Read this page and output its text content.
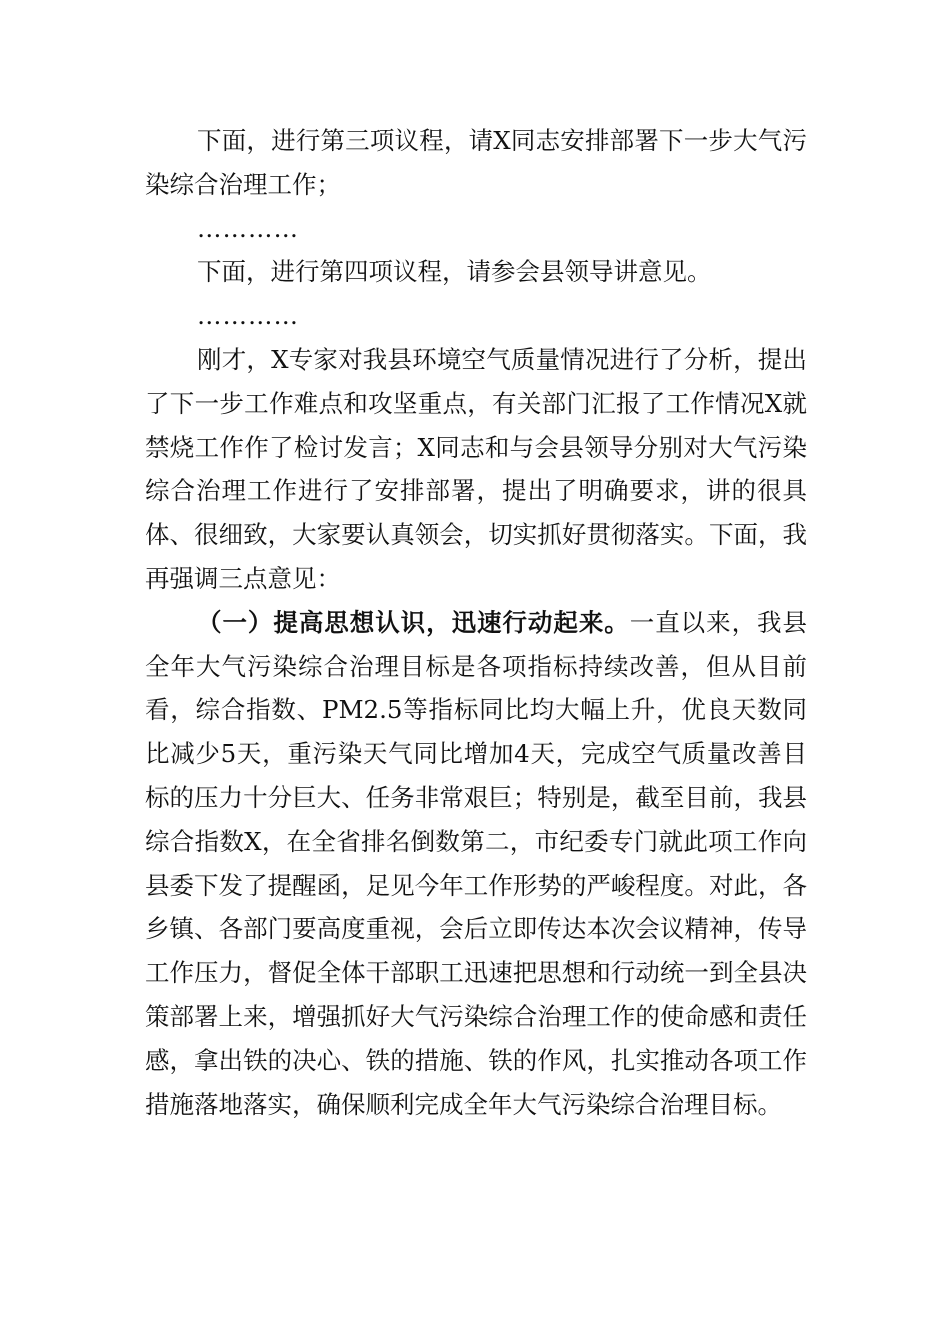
下面，进行第三项议程，请X同志安排部署下一步大气污染综合治理工作；

…………

下面，进行第四项议程，请参会县领导讲意见。

…………

刚才，X专家对我县环境空气质量情况进行了分析，提出了下一步工作难点和攻坚重点，有关部门汇报了工作情况X就禁烧工作作了检讨发言；X同志和与会县领导分别对大气污染综合治理工作进行了安排部署，提出了明确要求，讲的很具体、很细致，大家要认真领会，切实抓好贯彻落实。下面，我再强调三点意见：

（一）提高思想认识，迅速行动起来。一直以来，我县全年大气污染综合治理目标是各项指标持续改善，但从目前看，综合指数、PM2.5等指标同比均大幅上升，优良天数同比减少5天，重污染天气同比增加4天，完成空气质量改善目标的压力十分巨大、任务非常艰巨；特别是，截至目前，我县综合指数X，在全省排名倒数第二，市纪委专门就此项工作向县委下发了提醒函，足见今年工作形势的严峻程度。对此，各乡镇、各部门要高度重视，会后立即传达本次会议精神，传导工作压力，督促全体干部职工迅速把思想和行动统一到全县决策部署上来，增强抓好大气污染综合治理工作的使命感和责任感，拿出铁的决心、铁的措施、铁的作风，扎实推动各项工作措施落地落实，确保顺利完成全年大气污染综合治理目标。
